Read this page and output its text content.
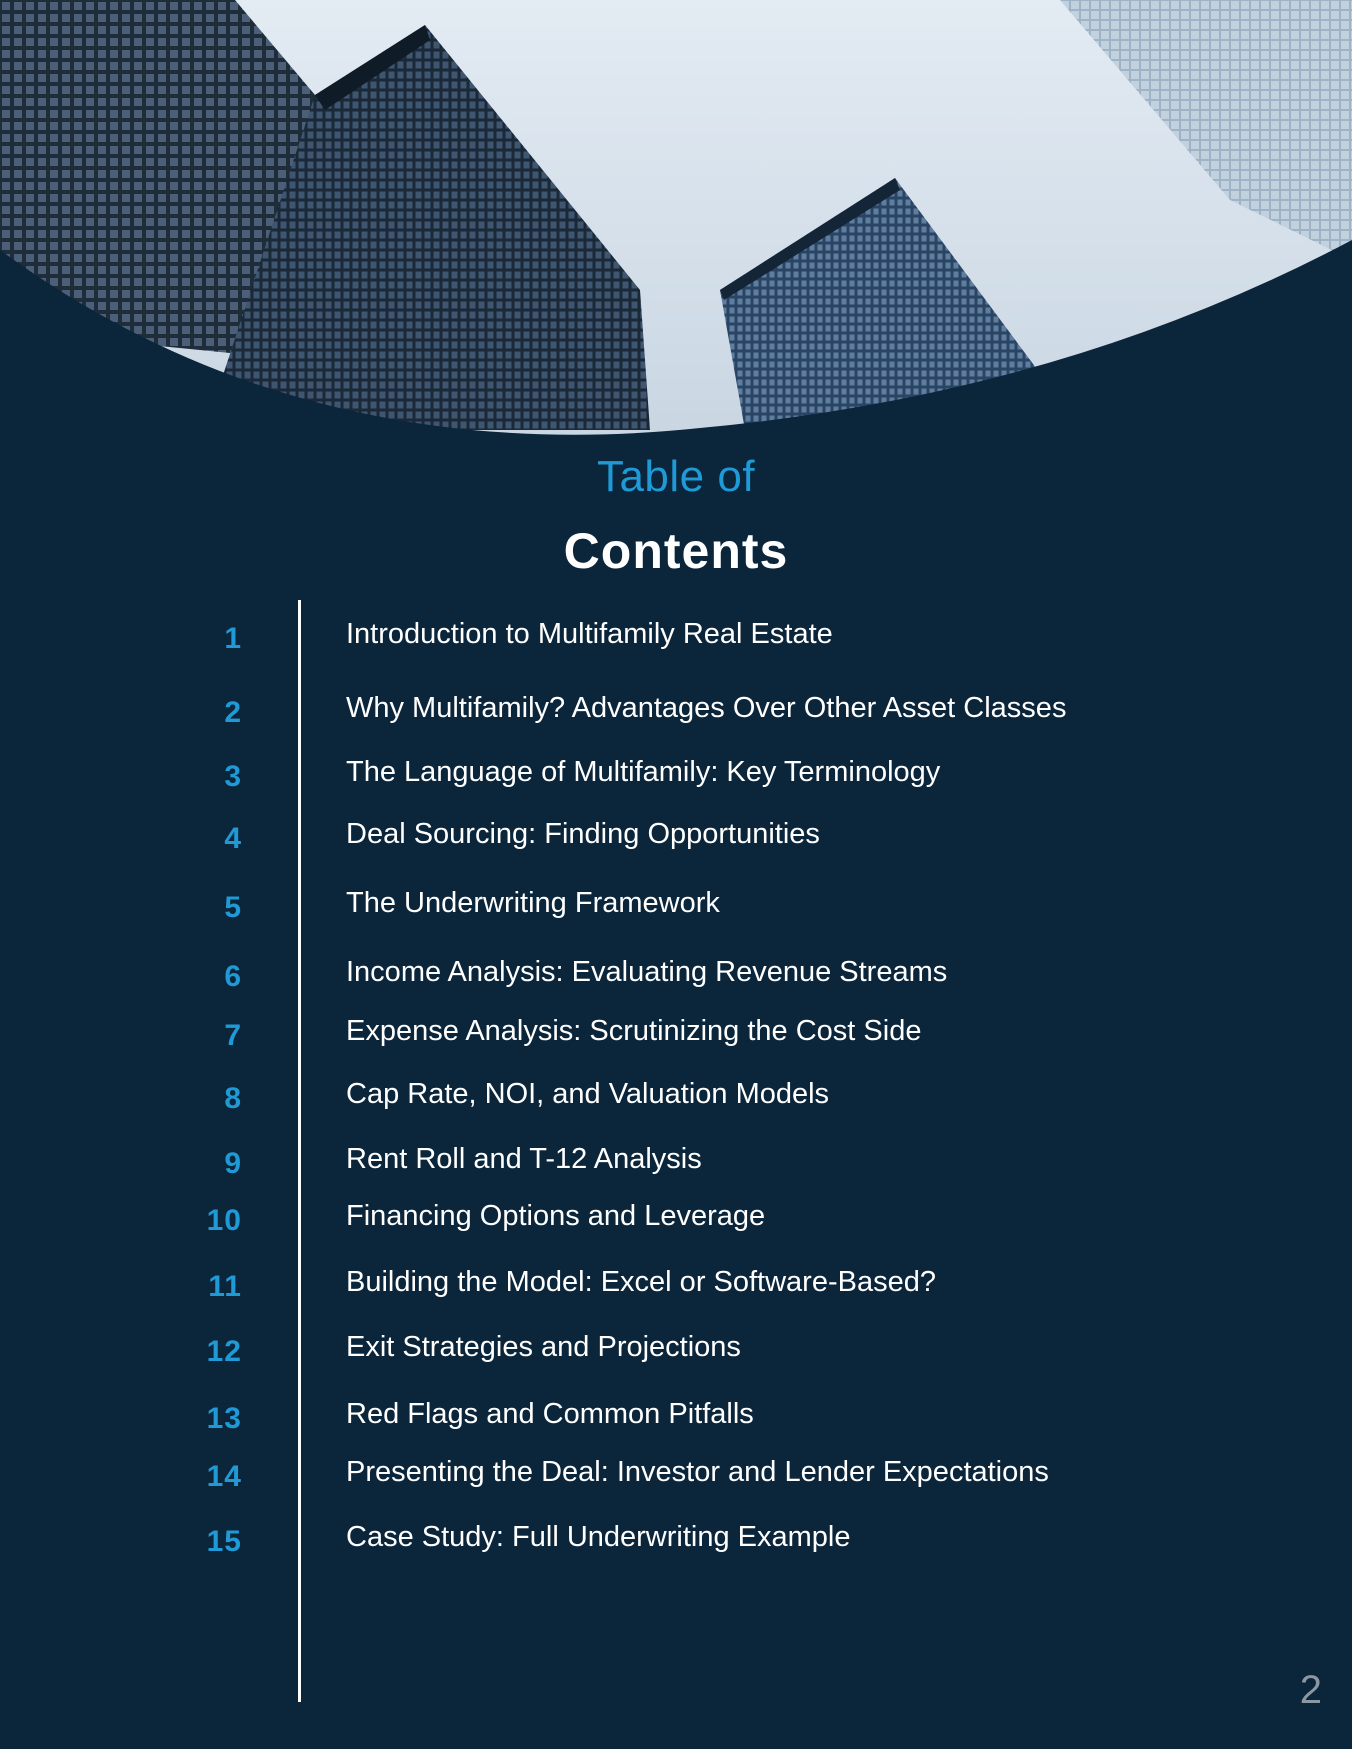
Table of
Contents
1	Introduction to Multifamily Real Estate
2	Why Multifamily? Advantages Over Other Asset Classes
3	The Language of Multifamily: Key Terminology
4	Deal Sourcing: Finding Opportunities
5	The Underwriting Framework
6	Income Analysis: Evaluating Revenue Streams
7	Expense Analysis: Scrutinizing the Cost Side
8	Cap Rate, NOI, and Valuation Models
9	Rent Roll and T-12 Analysis
10	Financing Options and Leverage
11	Building the Model: Excel or Software-Based?
12	Exit Strategies and Projections
13	Red Flags and Common Pitfalls
14	Presenting the Deal: Investor and Lender Expectations
15	Case Study: Full Underwriting Example
2
